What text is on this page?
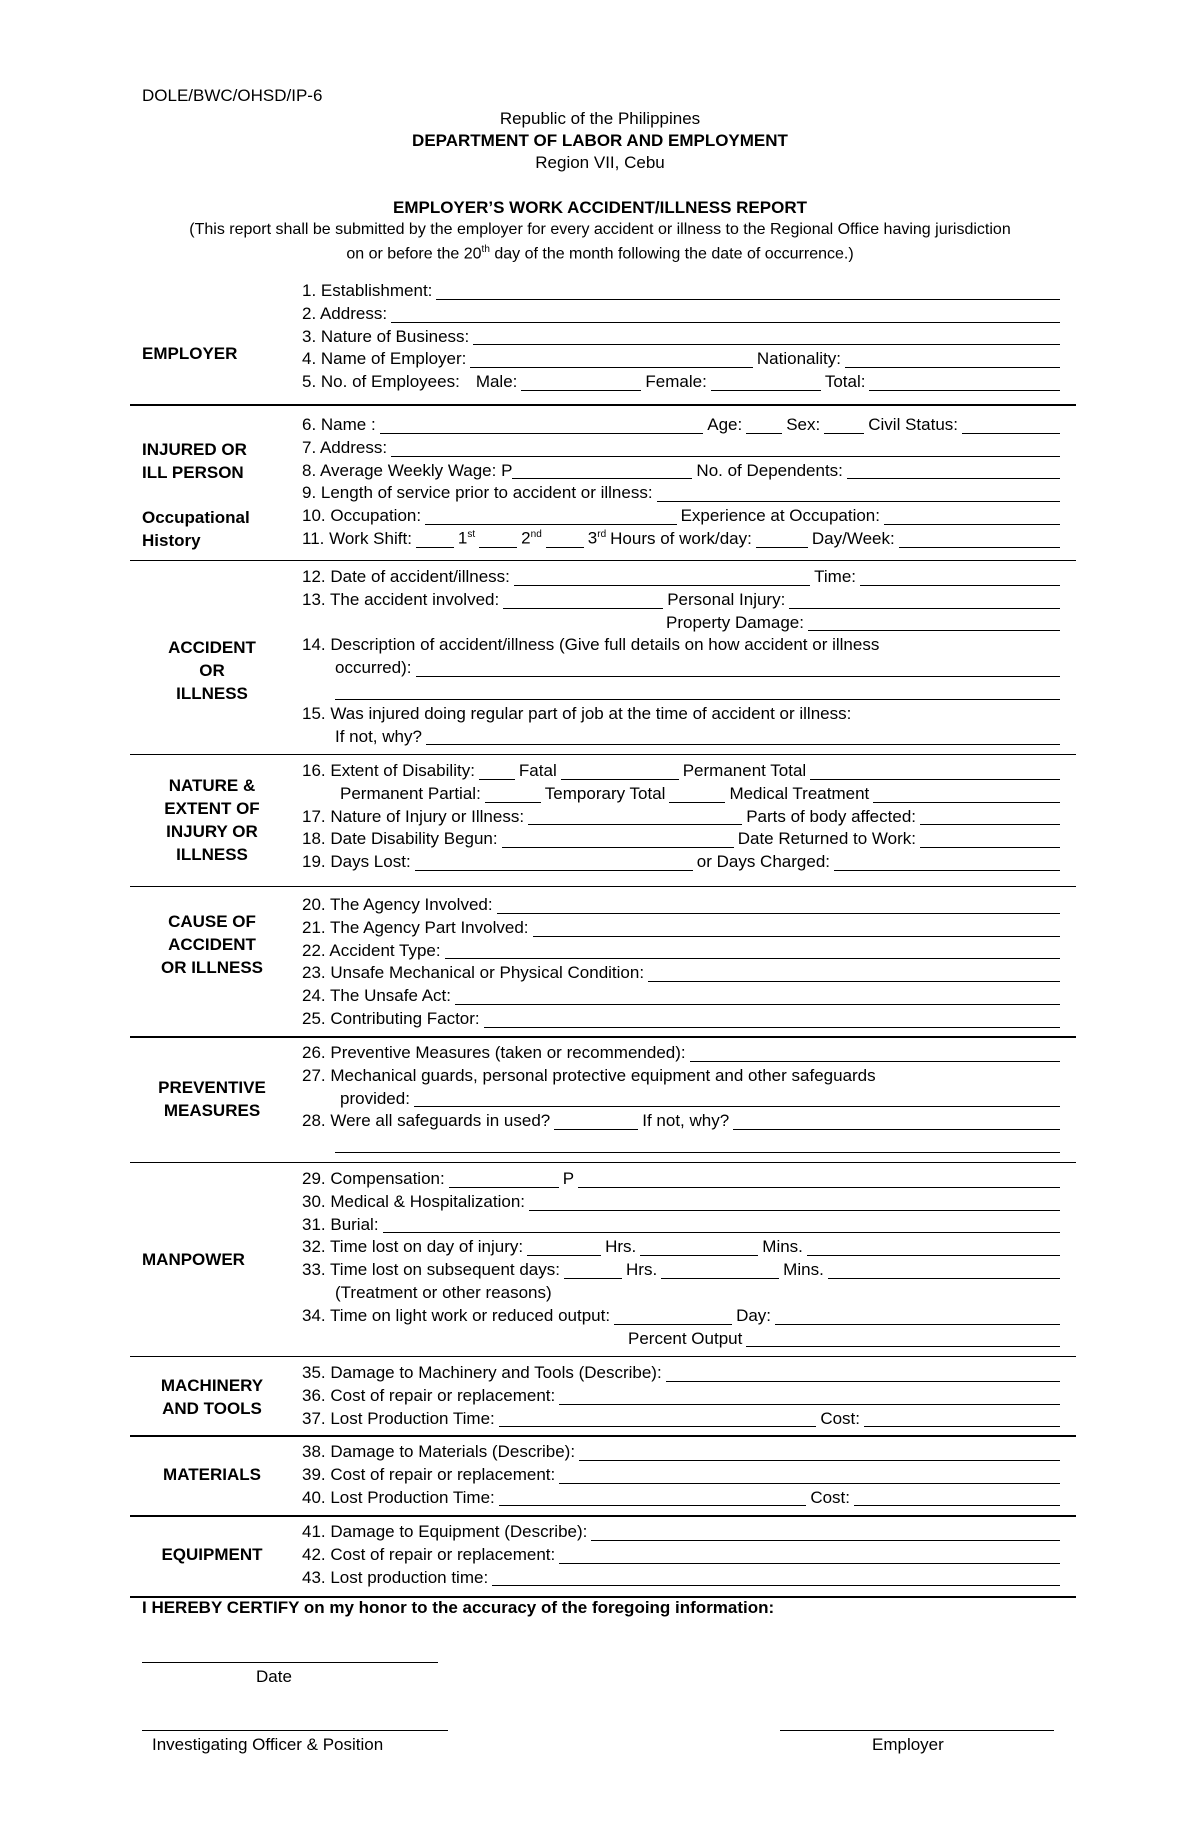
DOLE/BWC/OHSD/IP-6
Republic of the Philippines
DEPARTMENT OF LABOR AND EMPLOYMENT
Region VII, Cebu
EMPLOYER’S WORK ACCIDENT/ILLNESS REPORT
(This report shall be submitted by the employer for every accident or illness to the Regional Office having jurisdiction
on or before the 20th day of the month following the date of occurrence.)
EMPLOYER
1. Establishment:
2. Address:
3. Nature of Business:
4. Name of Employer:	Nationality:
5. No. of Employees: Male:	Female:	Total:
INJURED OR
ILL PERSON
Occupational
History
6. Name :	Age:	Sex:	Civil Status:
7. Address:
8. Average Weekly Wage: P	No. of Dependents:
9. Length of service prior to accident or illness:
10. Occupation:	Experience at Occupation:
11. Work Shift:	1st	2nd	3rd Hours of work/day:	Day/Week:
ACCIDENT
OR
ILLNESS
12. Date of accident/illness:	Time:
13. The accident involved:	Personal Injury:
Property Damage:
14. Description of accident/illness (Give full details on how accident or illness
occurred):
15. Was injured doing regular part of job at the time of accident or illness:
If not, why?
NATURE &
EXTENT OF
INJURY OR
ILLNESS
16. Extent of Disability:	Fatal	Permanent Total
Permanent Partial:	Temporary Total	Medical Treatment
17. Nature of Injury or Illness:	Parts of body affected:
18. Date Disability Begun:	Date Returned to Work:
19. Days Lost:	or Days Charged:
CAUSE OF
ACCIDENT
OR ILLNESS
20. The Agency Involved:
21. The Agency Part Involved:
22. Accident Type:
23. Unsafe Mechanical or Physical Condition:
24. The Unsafe Act:
25. Contributing Factor:
PREVENTIVE
MEASURES
26. Preventive Measures (taken or recommended):
27. Mechanical guards, personal protective equipment and other safeguards
provided:
28. Were all safeguards in used?	If not, why?
MANPOWER
29. Compensation:	P
30. Medical & Hospitalization:
31. Burial:
32. Time lost on day of injury:	Hrs.	Mins.
33. Time lost on subsequent days:	Hrs.	Mins.
(Treatment or other reasons)
34. Time on light work or reduced output:	Day:
Percent Output
MACHINERY
AND TOOLS
35. Damage to Machinery and Tools (Describe):
36. Cost of repair or replacement:
37. Lost Production Time:	Cost:
MATERIALS
38. Damage to Materials (Describe):
39. Cost of repair or replacement:
40. Lost Production Time:	Cost:
EQUIPMENT
41. Damage to Equipment (Describe):
42. Cost of repair or replacement:
43. Lost production time:
I HEREBY CERTIFY on my honor to the accuracy of the foregoing information:
Date
Investigating Officer & Position	Employer
